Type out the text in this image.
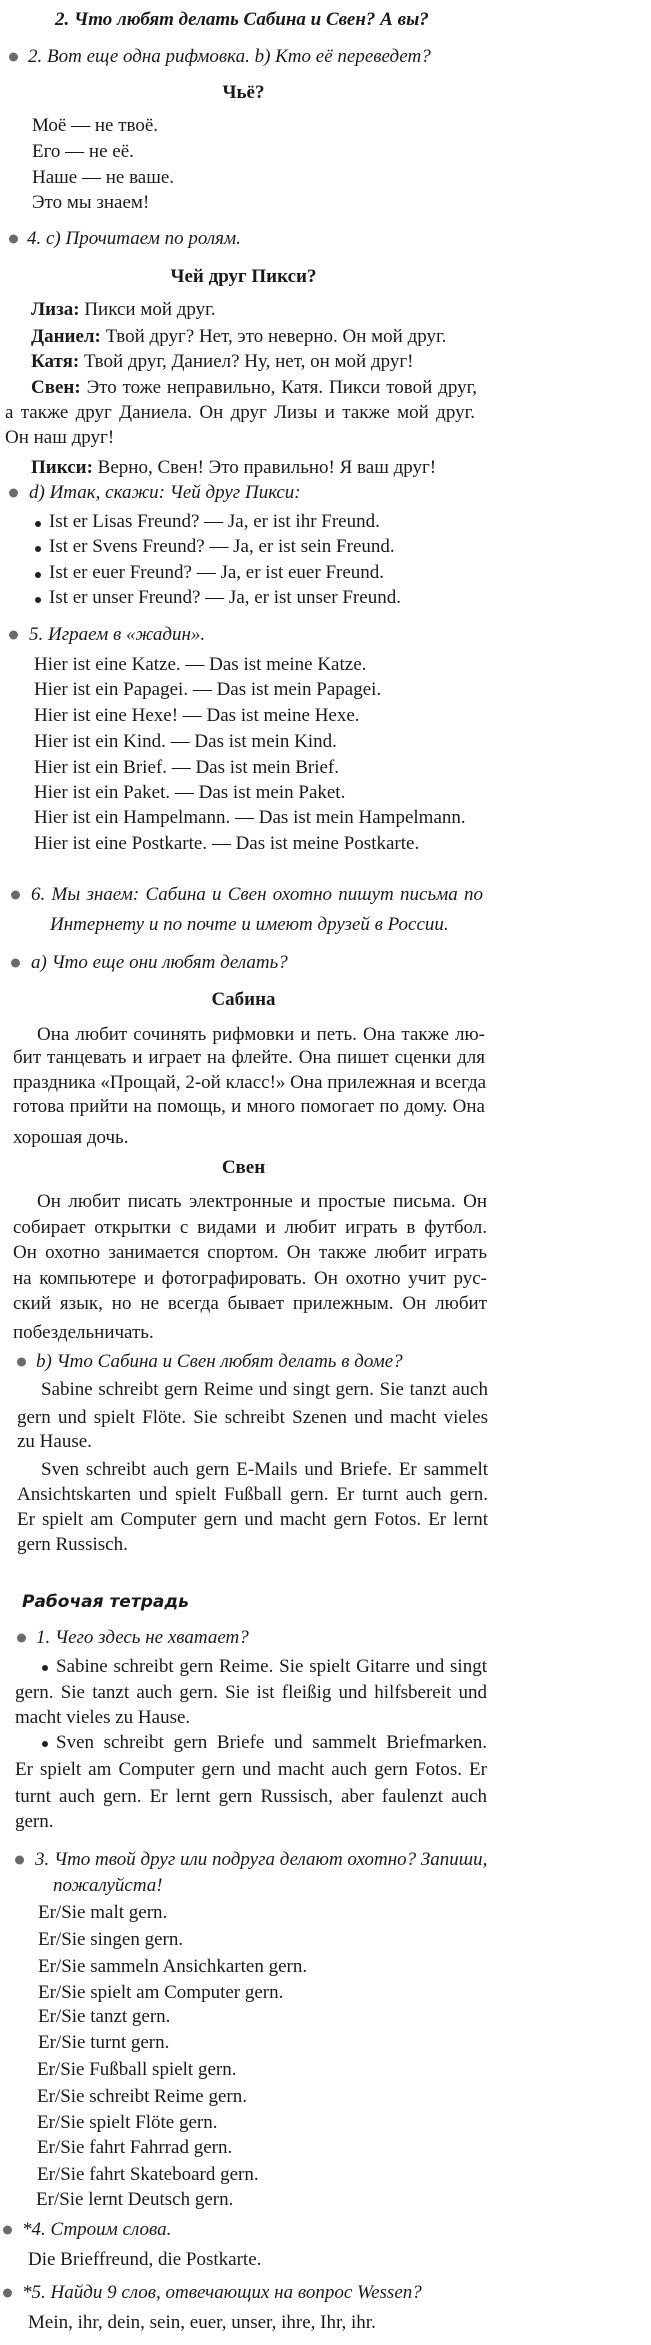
2. Что любят делать Сабина и Свен? А вы?
2. Вот еще одна рифмовка. b) Кто её переведет?
Чьё?
Моё — не твоё.
Его — не её.
Наше — не ваше.
Это мы знаем!
4. c) Прочитаем по ролям.
Чей друг Пикси?
Лиза: Пикси мой друг.
Даниел: Твой друг? Нет, это неверно. Он мой друг.
Катя: Твой друг, Даниел? Ну, нет, он мой друг!
Свен: Это тоже неправильно, Катя. Пикси товой друг,
а также друг Даниела. Он друг Лизы и также мой друг.
Он наш друг!
Пикси: Верно, Свен! Это правильно! Я ваш друг!
d) Итак, скажи: Чей друг Пикси:
Ist er Lisas Freund? — Ja, er ist ihr Freund.
Ist er Svens Freund? — Ja, er ist sein Freund.
Ist er euer Freund? — Ja, er ist euer Freund.
Ist er unser Freund? — Ja, er ist unser Freund.
5. Играем в «жадин».
Hier ist eine Katze. — Das ist meine Katze.
Hier ist ein Papagei. — Das ist mein Papagei.
Hier ist eine Hexe! — Das ist meine Hexe.
Hier ist ein Kind. — Das ist mein Kind.
Hier ist ein Brief. — Das ist mein Brief.
Hier ist ein Paket. — Das ist mein Paket.
Hier ist ein Hampelmann. — Das ist mein Hampelmann.
Hier ist eine Postkarte. — Das ist meine Postkarte.
6. Мы знаем: Сабина и Свен охотно пишут письма по
Интернету и по почте и имеют друзей в России.
a) Что еще они любят делать?
Сабина
Она любит сочинять рифмовки и петь. Она также лю-
бит танцевать и играет на флейте. Она пишет сценки для
праздника «Прощай, 2-ой класс!» Она прилежная и всегда
готова прийти на помощь, и много помогает по дому. Она
хорошая дочь.
Свен
Он любит писать электронные и простые письма. Он
собирает открытки с видами и любит играть в футбол.
Он охотно занимается спортом. Он также любит играть
на компьютере и фотографировать. Он охотно учит рус-
ский язык, но не всегда бывает прилежным. Он любит
побездельничать.
b) Что Сабина и Свен любят делать в доме?
Sabine schreibt gern Reime und singt gern. Sie tanzt auch
gern und spielt Flöte. Sie schreibt Szenen und macht vieles
zu Hause.
Sven schreibt auch gern E-Mails und Briefe. Er sammelt
Ansichtskarten und spielt Fußball gern. Er turnt auch gern.
Er spielt am Computer gern und macht gern Fotos. Er lernt
gern Russisch.
Рабочая тетрадь
1. Чего здесь не хватает?
Sabine schreibt gern Reime. Sie spielt Gitarre und singt
gern. Sie tanzt auch gern. Sie ist fleißig und hilfsbereit und
macht vieles zu Hause.
Sven schreibt gern Briefe und sammelt Briefmarken.
Er spielt am Computer gern und macht auch gern Fotos. Er
turnt auch gern. Er lernt gern Russisch, aber faulenzt auch
gern.
3. Что твой друг или подруга делают охотно? Запиши,
пожалуйста!
Er/Sie malt gern.
Er/Sie singen gern.
Er/Sie sammeln Ansichkarten gern.
Er/Sie spielt am Computer gern.
Er/Sie tanzt gern.
Er/Sie turnt gern.
Er/Sie Fußball spielt gern.
Er/Sie schreibt Reime gern.
Er/Sie spielt Flöte gern.
Er/Sie fahrt Fahrrad gern.
Er/Sie fahrt Skateboard gern.
Er/Sie lernt Deutsch gern.
*4. Строим слова.
Die Brieffreund, die Postkarte.
*5. Найди 9 слов, отвечающих на вопрос Wessen?
Mein, ihr, dein, sein, euer, unser, ihre, Ihr, ihr.
